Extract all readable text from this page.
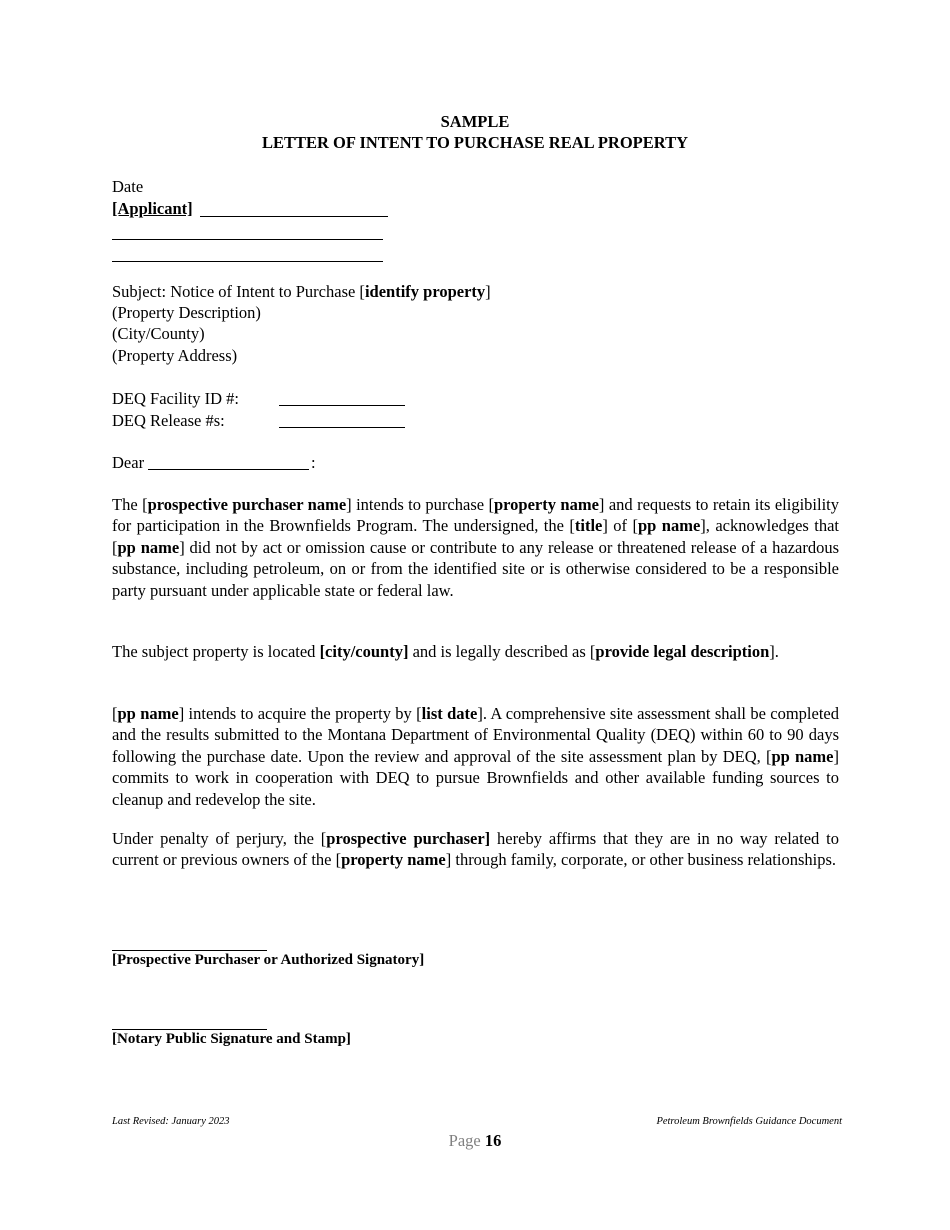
SAMPLE
LETTER OF INTENT TO PURCHASE REAL PROPERTY
Date
[Applicant]
Subject: Notice of Intent to Purchase [identify property]
(Property Description)
(City/County)
(Property Address)
DEQ Facility ID #:
DEQ Release #s:
Dear	:
The [prospective purchaser name] intends to purchase [property name] and requests to retain its eligibility for participation in the Brownfields Program. The undersigned, the [title] of [pp name], acknowledges that [pp name] did not by act or omission cause or contribute to any release or threatened release of a hazardous substance, including petroleum, on or from the identified site or is otherwise considered to be a responsible party pursuant under applicable state or federal law.
The subject property is located [city/county] and is legally described as [provide legal description].
[pp name] intends to acquire the property by [list date]. A comprehensive site assessment shall be completed and the results submitted to the Montana Department of Environmental Quality (DEQ) within 60 to 90 days following the purchase date. Upon the review and approval of the site assessment plan by DEQ, [pp name] commits to work in cooperation with DEQ to pursue Brownfields and other available funding sources to cleanup and redevelop the site.
Under penalty of perjury, the [prospective purchaser] hereby affirms that they are in no way related to current or previous owners of the [property name] through family, corporate, or other business relationships.
[Prospective Purchaser or Authorized Signatory]
[Notary Public Signature and Stamp]
Last Revised: January 2023	Petroleum Brownfields Guidance Document
Page 16
